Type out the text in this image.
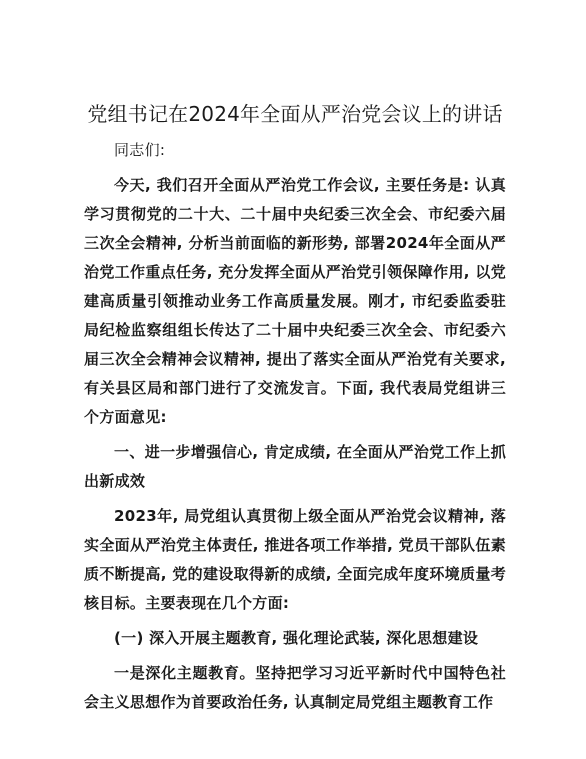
党组书记在2024年全面从严治党会议上的讲话

同志们:

今天, 我们召开全面从严治党工作会议, 主要任务是: 认真学习贯彻党的二十大、二十届中央纪委三次全会、市纪委六届三次全会精神, 分析当前面临的新形势, 部署2024年全面从严治党工作重点任务, 充分发挥全面从严治党引领保障作用, 以党建高质量引领推动业务工作高质量发展。刚才, 市纪委监委驻局纪检监察组组长传达了二十届中央纪委三次全会、市纪委六届三次全会精神会议精神, 提出了落实全面从严治党有关要求, 有关县区局和部门进行了交流发言。下面, 我代表局党组讲三个方面意见:

一、进一步增强信心, 肯定成绩, 在全面从严治党工作上抓出新成效

2023年, 局党组认真贯彻上级全面从严治党会议精神, 落实全面从严治党主体责任, 推进各项工作举措, 党员干部队伍素质不断提高, 党的建设取得新的成绩, 全面完成年度环境质量考核目标。主要表现在几个方面:

(一) 深入开展主题教育, 强化理论武装, 深化思想建设

一是深化主题教育。坚持把学习习近平新时代中国特色社会主义思想作为首要政治任务, 认真制定局党组主题教育工作
